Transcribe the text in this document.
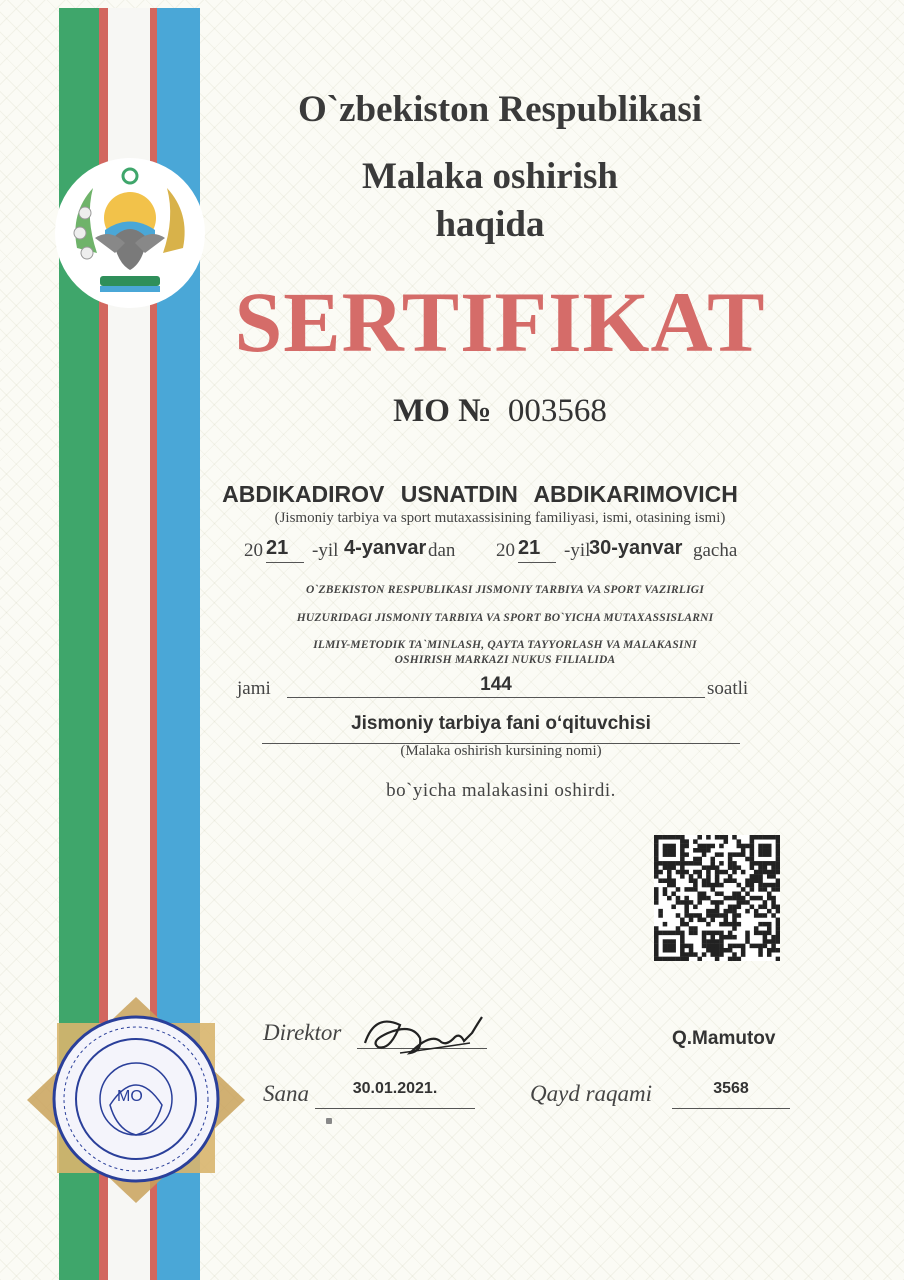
O`zbekiston Respublikasi
Malaka oshirish
haqida
SERTIFIKAT
MO № 003568
ABDIKADIROV USNATDIN ABDIKARIMOVICH
(Jismoniy tarbiya va sport mutaxassisining familiyasi, ismi, otasining ismi)
20 21 -yil 4-yanvar dan 20 21 -yil
30-yanvar gacha
O`ZBEKISTON RESPUBLIKASI JISMONIY TARBIYA VA SPORT VAZIRLIGI
HUZURIDAGI JISMONIY TARBIYA VA SPORT BO`YICHA MUTAXASSISLARNI
ILMIY-METODIK TA`MINLASH, QAYTA TAYYORLASH VA MALAKASINI
OSHIRISH MARKAZI NUKUS FILIALIDA
jami	144	soatli
Jismoniy tarbiya fani o‘qituvchisi
(Malaka oshirish kursining nomi)
bo`yicha malakasini oshirdi.
Direktor	Q.Mamutov
Sana	30.01.2021.	Qayd raqami	3568
MO
